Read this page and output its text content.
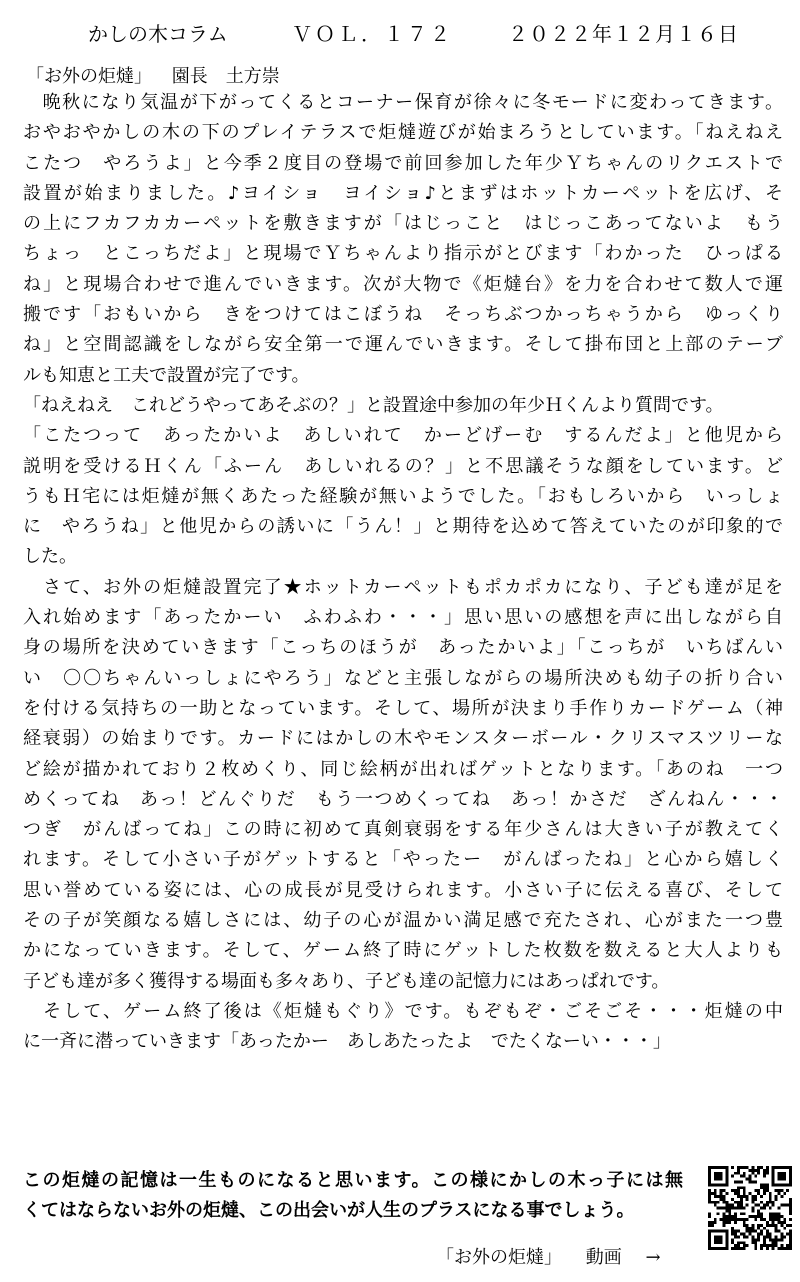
かしの木コラム	ＶＯＬ．１７２	２０２２年１２月１６日
「お外の炬燵」 園長　土方崇
　晩秋になり気温が下がってくるとコーナー保育が徐々に冬モードに変わってきます。
おやおやかしの木の下のプレイテラスで炬燵遊びが始まろうとしています。「ねえねえ
こたつ　やろうよ」と今季２度目の登場で前回参加した年少Ｙちゃんのリクエストで
設置が始まりました。♪ヨイショ　ヨイショ♪とまずはホットカーペットを広げ、そ
の上にフカフカカーペットを敷きますが「はじっこと　はじっこあってないよ　もう
ちょっ　とこっちだよ」と現場でＹちゃんより指示がとびます「わかった　ひっぱる
ね」と現場合わせで進んでいきます。次が大物で《炬燵台》を力を合わせて数人で運
搬です「おもいから　きをつけてはこぼうね　そっちぶつかっちゃうから　ゆっくり
ね」と空間認識をしながら安全第一で運んでいきます。そして掛布団と上部のテーブ
ルも知恵と工夫で設置が完了です。
「ねえねえ　これどうやってあそぶの？」と設置途中参加の年少Ｈくんより質問です。
「こたつって　あったかいよ　あしいれて　かーどげーむ　するんだよ」と他児から
説明を受けるＨくん「ふーん　あしいれるの？」と不思議そうな顔をしています。ど
うもＨ宅には炬燵が無くあたった経験が無いようでした。「おもしろいから　いっしょ
に　やろうね」と他児からの誘いに「うん！」と期待を込めて答えていたのが印象的で
した。
　さて、お外の炬燵設置完了★ホットカーペットもポカポカになり、子ども達が足を
入れ始めます「あったかーい　ふわふわ・・・」思い思いの感想を声に出しながら自
身の場所を決めていきます「こっちのほうが　あったかいよ」「こっちが　いちばんい
い　〇〇ちゃんいっしょにやろう」などと主張しながらの場所決めも幼子の折り合い
を付ける気持ちの一助となっています。そして、場所が決まり手作りカードゲーム（神
経衰弱）の始まりです。カードにはかしの木やモンスターボール・クリスマスツリーな
ど絵が描かれており２枚めくり、同じ絵柄が出ればゲットとなります。「あのね　一つ
めくってね　あっ！どんぐりだ　もう一つめくってね　あっ！かさだ　ざんねん・・・
つぎ　がんばってね」この時に初めて真剣衰弱をする年少さんは大きい子が教えてく
れます。そして小さい子がゲットすると「やったー　がんばったね」と心から嬉しく
思い誉めている姿には、心の成長が見受けられます。小さい子に伝える喜び、そして
その子が笑顔なる嬉しさには、幼子の心が温かい満足感で充たされ、心がまた一つ豊
かになっていきます。そして、ゲーム終了時にゲットした枚数を数えると大人よりも
子ども達が多く獲得する場面も多々あり、子ども達の記憶力にはあっぱれです。
　そして、ゲーム終了後は《炬燵もぐり》です。もぞもぞ・ごそごそ・・・炬燵の中
に一斉に潜っていきます「あったかー　あしあたったよ　でたくなーい・・・」
この炬燵の記憶は一生ものになると思います。この様にかしの木っ子には無
くてはならないお外の炬燵、この出会いが人生のプラスになる事でしょう。
「お外の炬燵」 動画 →
